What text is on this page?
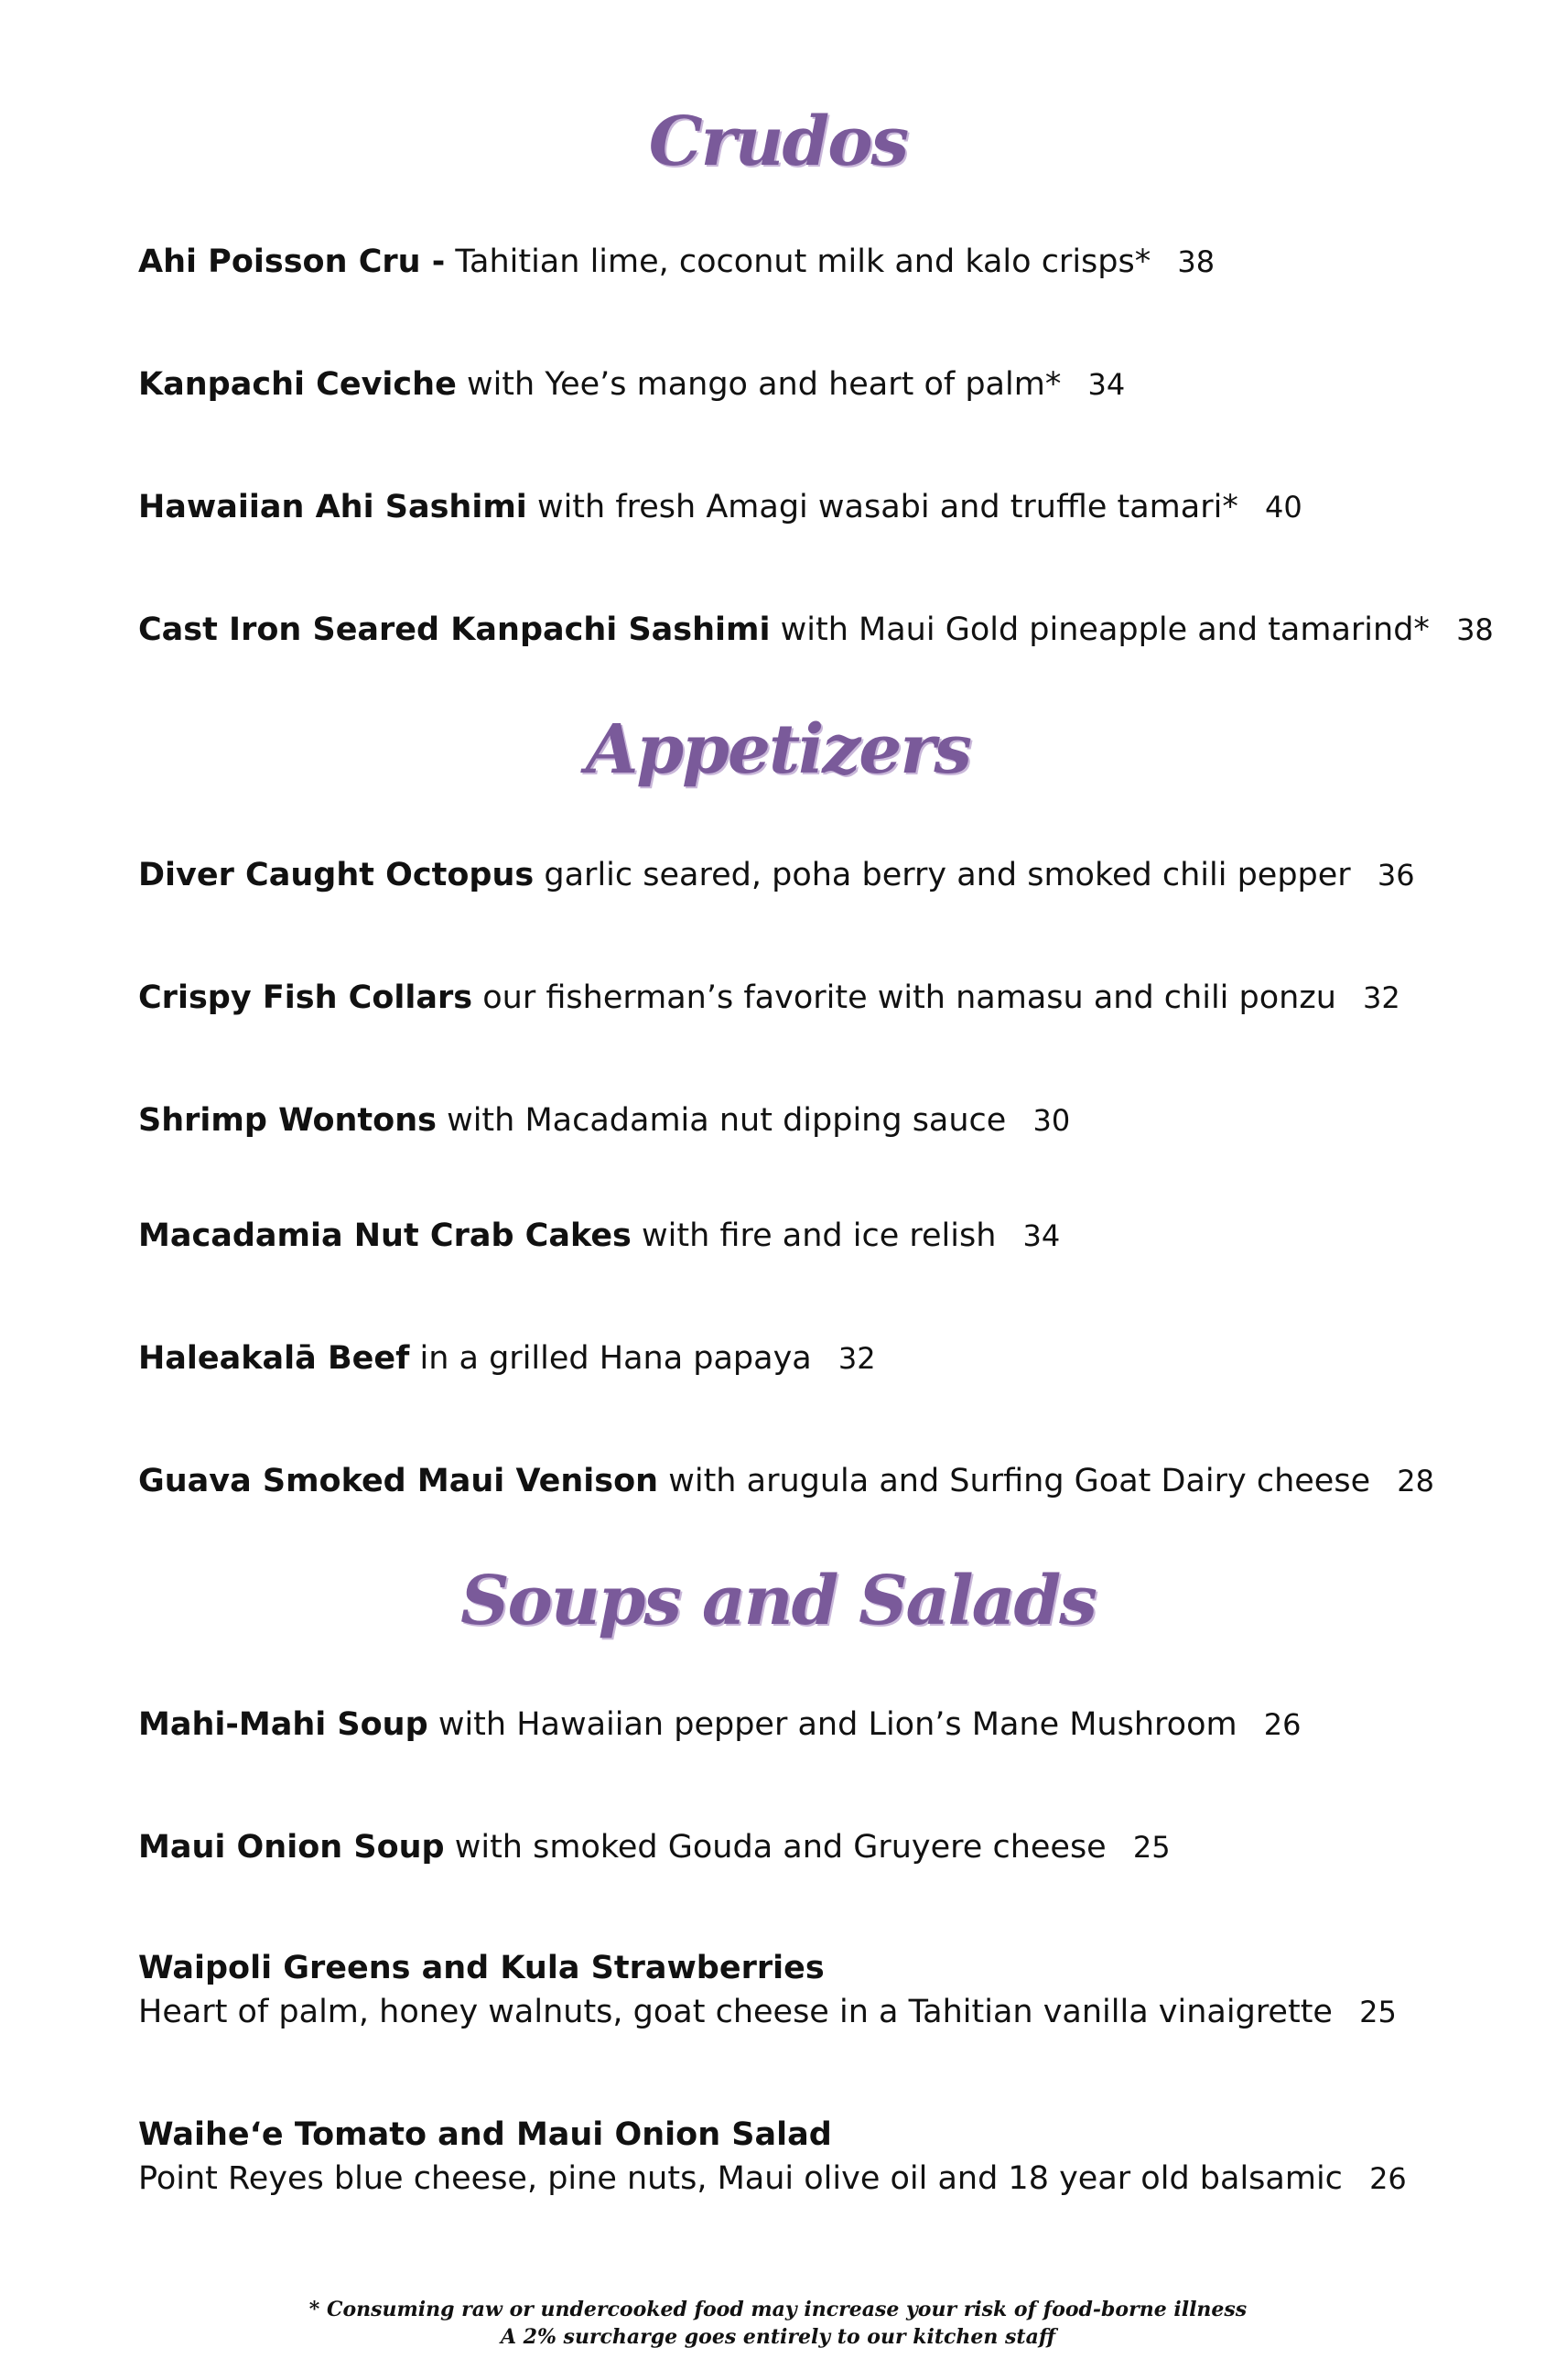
Crudos
Ahi Poisson Cru - Tahitian lime, coconut milk and kalo crisps* 38
Kanpachi Ceviche with Yee’s mango and heart of palm* 34
Hawaiian Ahi Sashimi with fresh Amagi wasabi and truffle tamari* 40
Cast Iron Seared Kanpachi Sashimi with Maui Gold pineapple and tamarind* 38
Appetizers
Diver Caught Octopus garlic seared, poha berry and smoked chili pepper 36
Crispy Fish Collars our fisherman’s favorite with namasu and chili ponzu 32
Shrimp Wontons with Macadamia nut dipping sauce 30
Macadamia Nut Crab Cakes with fire and ice relish 34
Haleakalā Beef in a grilled Hana papaya 32
Guava Smoked Maui Venison with arugula and Surfing Goat Dairy cheese 28
Soups and Salads
Mahi-Mahi Soup with Hawaiian pepper and Lion’s Mane Mushroom 26
Maui Onion Soup with smoked Gouda and Gruyere cheese 25
Waipoli Greens and Kula Strawberries
Heart of palm, honey walnuts, goat cheese in a Tahitian vanilla vinaigrette 25
Waihe‘e Tomato and Maui Onion Salad
Point Reyes blue cheese, pine nuts, Maui olive oil and 18 year old balsamic 26
* Consuming raw or undercooked food may increase your risk of food-borne illness
A 2% surcharge goes entirely to our kitchen staff
